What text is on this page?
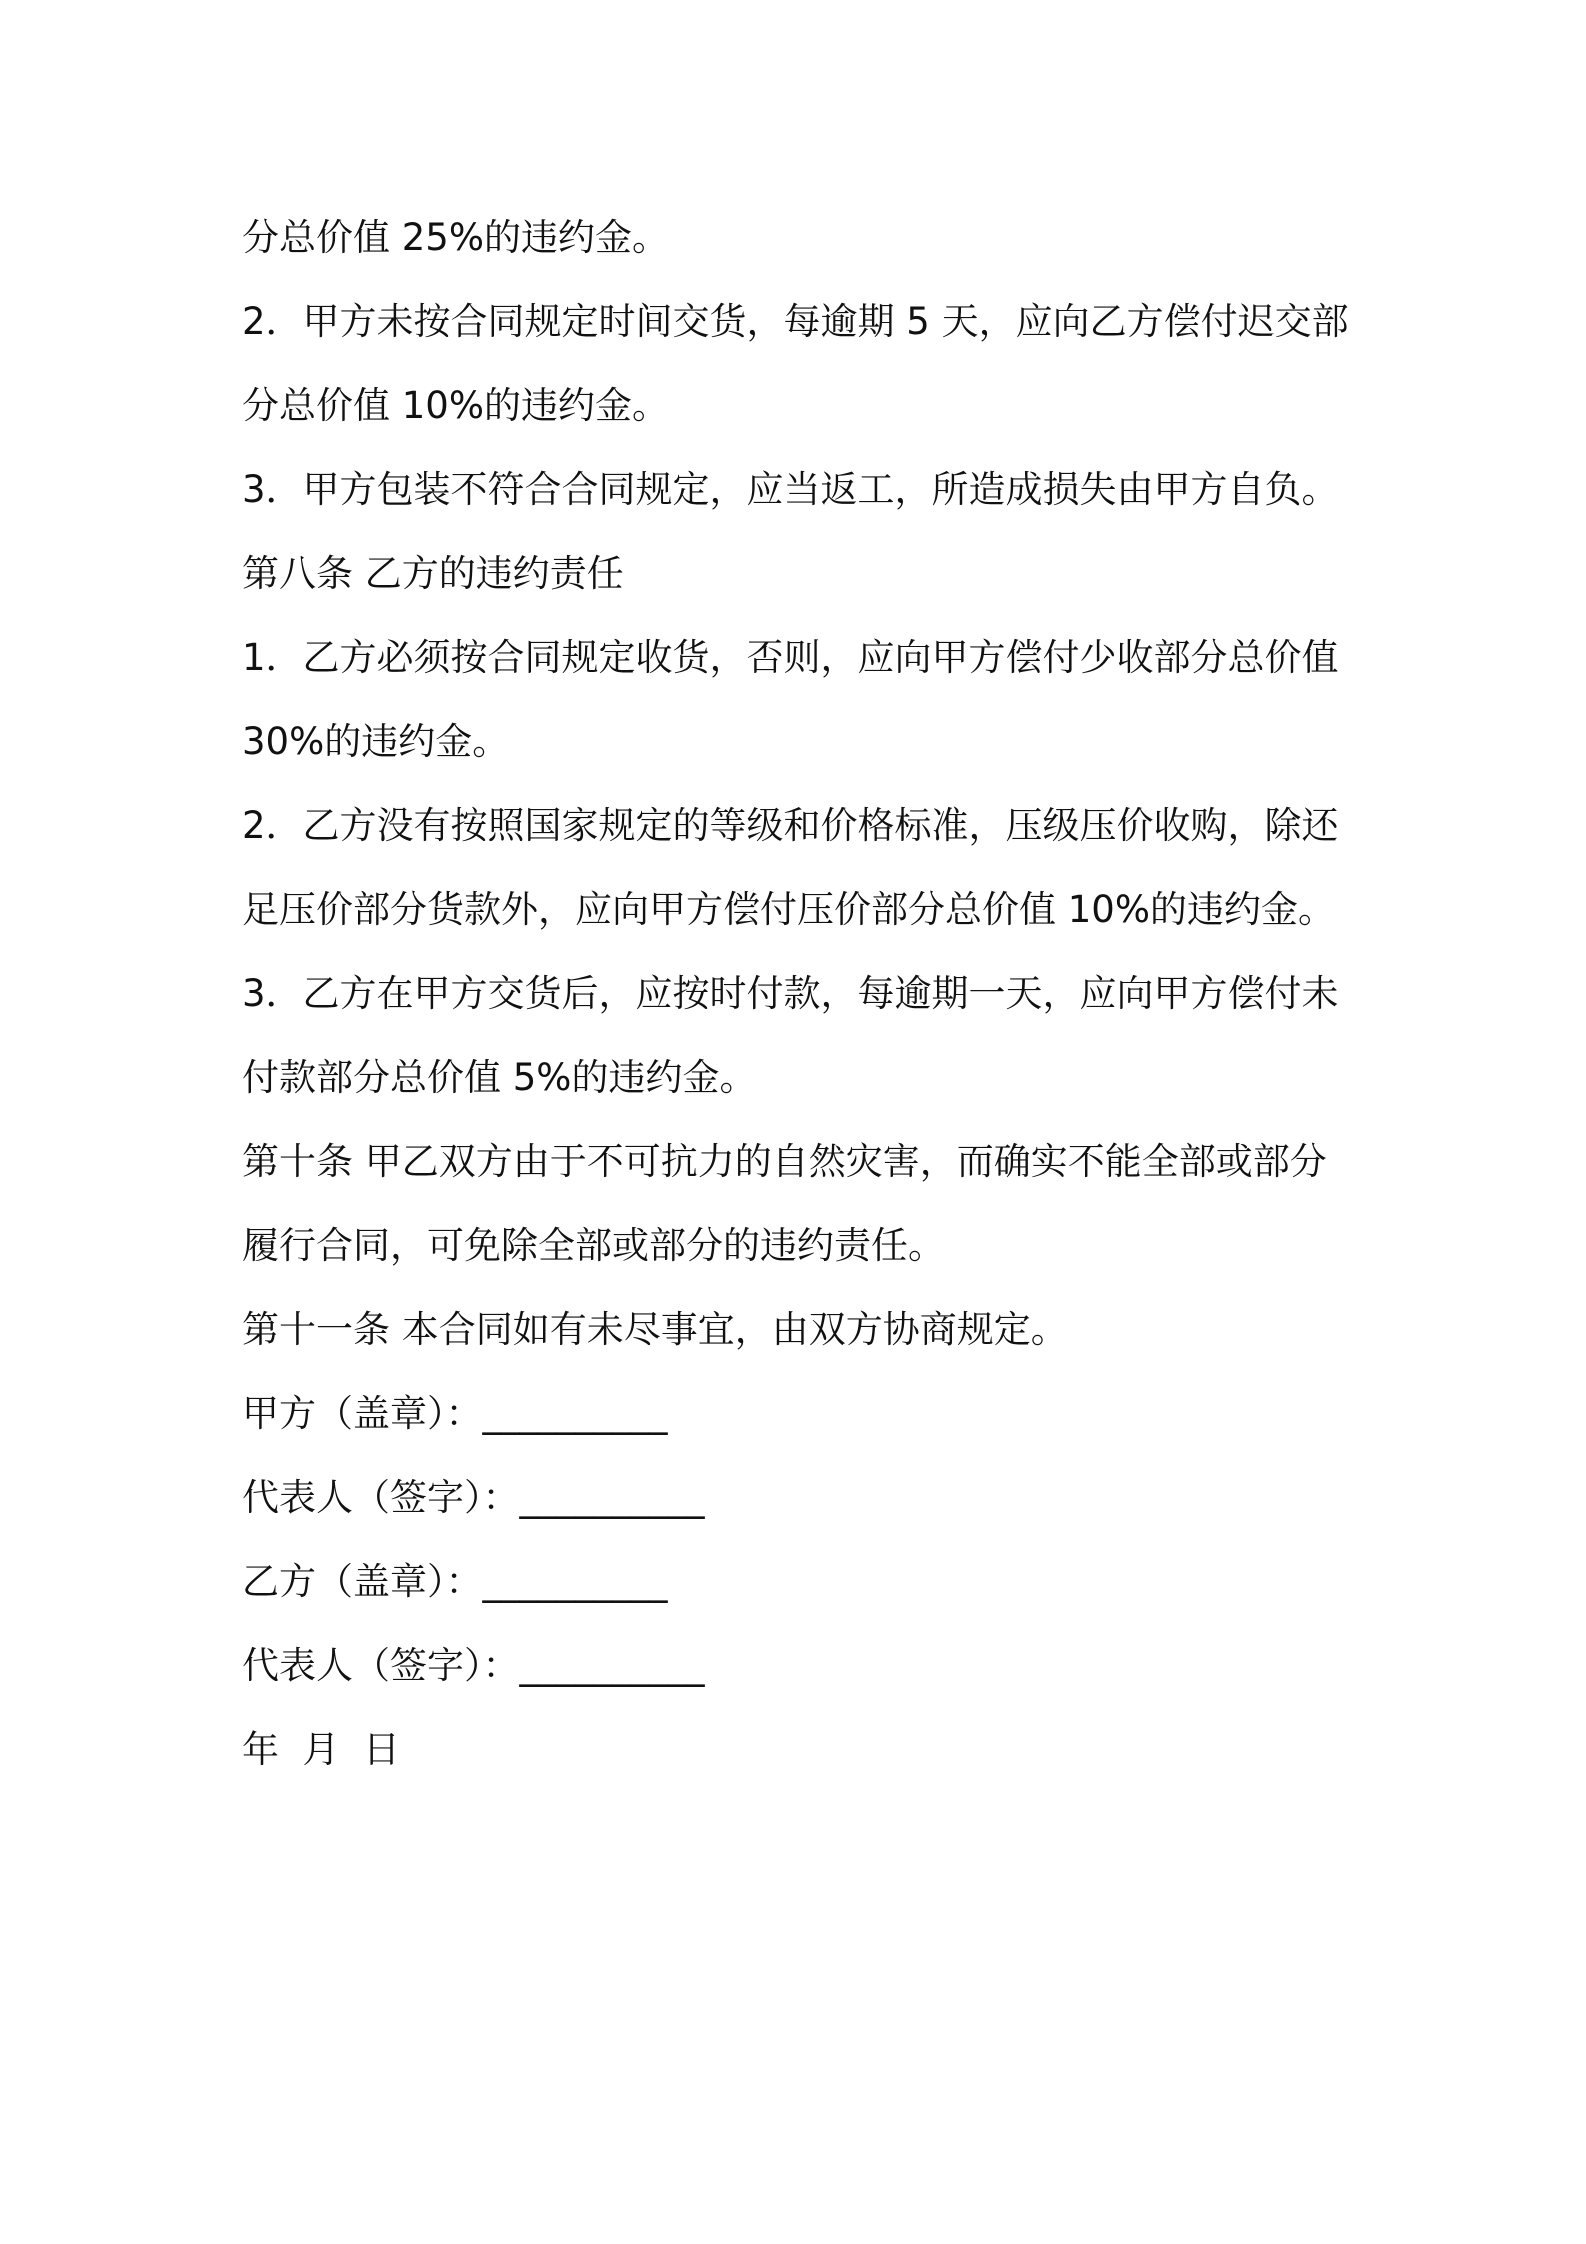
分总价值 25%的违约金。
2．甲方未按合同规定时间交货，每逾期 5 天，应向乙方偿付迟交部
分总价值 10%的违约金。
3．甲方包装不符合合同规定，应当返工，所造成损失由甲方自负。
第八条 乙方的违约责任
1．乙方必须按合同规定收货，否则，应向甲方偿付少收部分总价值
30%的违约金。
2．乙方没有按照国家规定的等级和价格标准，压级压价收购，除还
足压价部分货款外，应向甲方偿付压价部分总价值 10%的违约金。
3．乙方在甲方交货后，应按时付款，每逾期一天，应向甲方偿付未
付款部分总价值 5%的违约金。
第十条 甲乙双方由于不可抗力的自然灾害，而确实不能全部或部分
履行合同，可免除全部或部分的违约责任。
第十一条 本合同如有未尽事宜，由双方协商规定。
甲方（盖章）：__________
代表人（签字）：__________
乙方（盖章）：__________
代表人（签字）：__________
年  月  日
